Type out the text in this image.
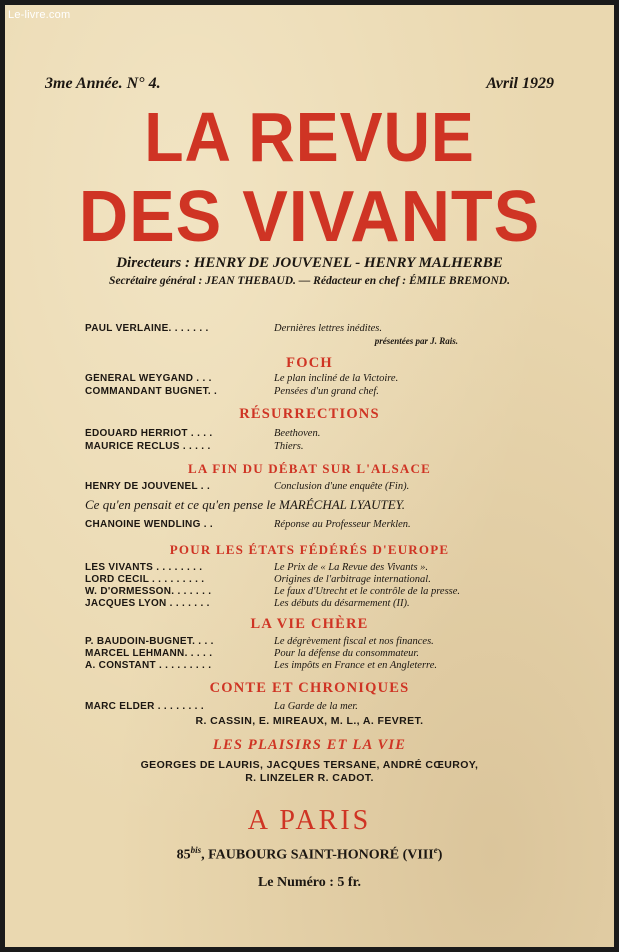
Le-livre.com
3me Année. N° 4.	Avril 1929
LA REVUE
DES VIVANTS
Directeurs : HENRY DE JOUVENEL - HENRY MALHERBE
Secrétaire général : JEAN THEBAUD. — Rédacteur en chef : ÉMILE BREMOND.
PAUL VERLAINE. . . . . . .	Dernières lettres inédites.
présentées par J. Rais.
FOCH
GÉNÉRAL WEYGAND . . .	Le plan incliné de la Victoire.
COMMANDANT BUGNET. .	Pensées d'un grand chef.
RÉSURRECTIONS
ÉDOUARD HERRIOT . . . .	Beethoven.
MAURICE RECLUS . . . . .	Thiers.
LA FIN DU DÉBAT SUR L'ALSACE
HENRY DE JOUVENEL . .	Conclusion d'une enquête (Fin).
Ce qu'en pensait et ce qu'en pense le MARÉCHAL LYAUTEY.
CHANOINE WENDLING . .	Réponse au Professeur Merklen.
POUR LES ÉTATS FÉDÉRÉS D'EUROPE
LES VIVANTS . . . . . . . .	Le Prix de « La Revue des Vivants ».
LORD CECIL . . . . . . . . .	Origines de l'arbitrage international.
W. D'ORMESSON. . . . . . .	Le faux d'Utrecht et le contrôle de la presse.
JACQUES LYON . . . . . . .	Les débuts du désarmement (II).
LA VIE CHÈRE
P. BAUDOIN-BUGNET. . . .	Le dégrèvement fiscal et nos finances.
MARCEL LEHMANN. . . . .	Pour la défense du consommateur.
A. CONSTANT . . . . . . . . .	Les impôts en France et en Angleterre.
CONTE ET CHRONIQUES
MARC ELDER . . . . . . . .	La Garde de la mer.
R. CASSIN, E. MIREAUX, M. L., A. FEVRET.
LES PLAISIRS ET LA VIE
GEORGES DE LAURIS, JACQUES TERSANE, ANDRÉ CŒUROY,
R. LINZELER R. CADOT.
A PARIS
$85^{bis}$, FAUBOURG SAINT-HONORÉ (VIIIe)
Le Numéro : 5 fr.
